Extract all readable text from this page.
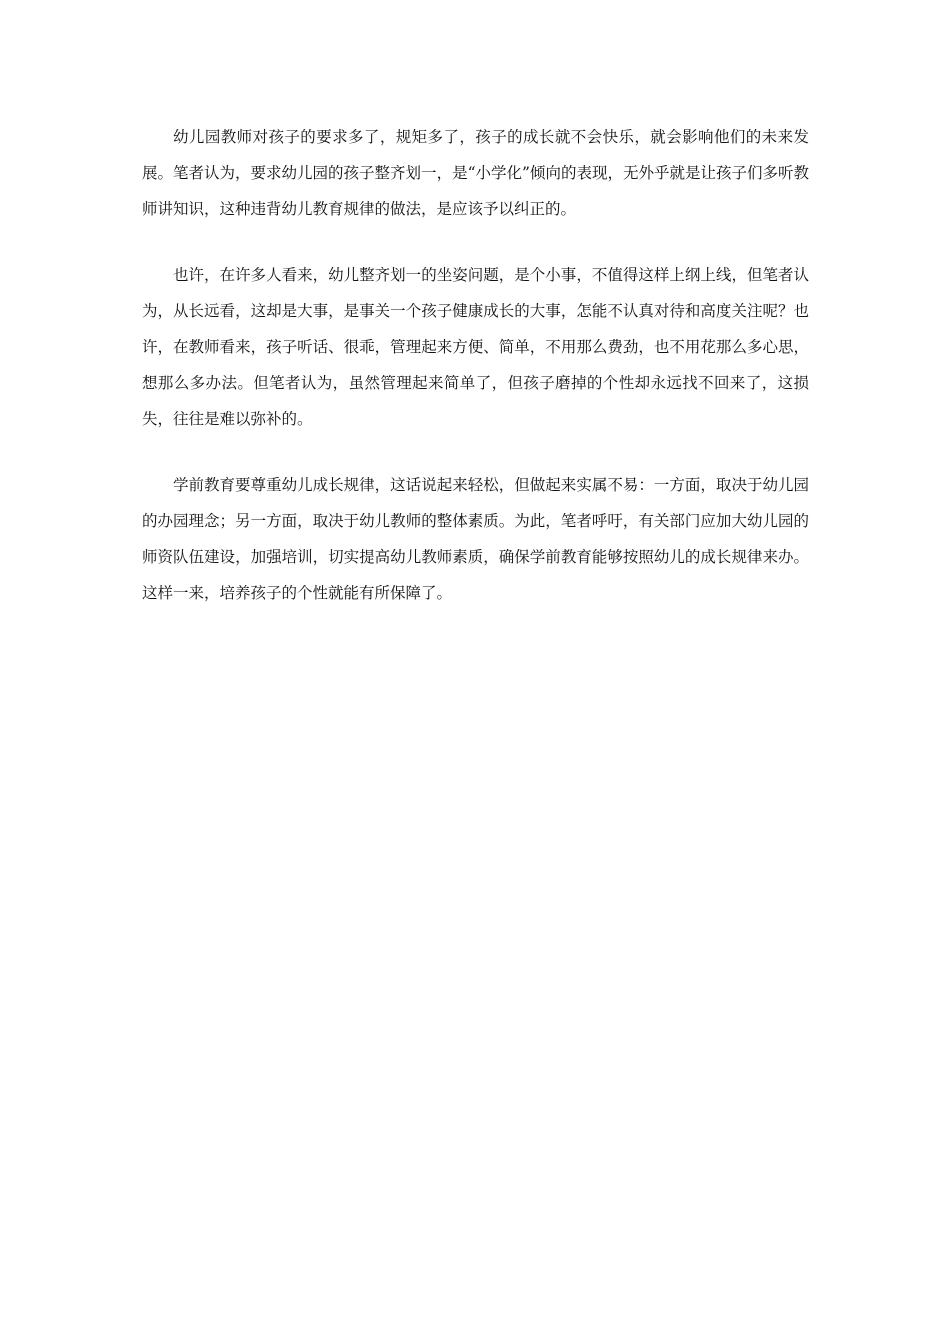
幼儿园教师对孩子的要求多了，规矩多了，孩子的成长就不会快乐，就会影响他们的未来发展。笔者认为，要求幼儿园的孩子整齐划一，是“小学化”倾向的表现，无外乎就是让孩子们多听教师讲知识，这种违背幼儿教育规律的做法，是应该予以纠正的。

也许，在许多人看来，幼儿整齐划一的坐姿问题，是个小事，不值得这样上纲上线，但笔者认为，从长远看，这却是大事，是事关一个孩子健康成长的大事，怎能不认真对待和高度关注呢？也许，在教师看来，孩子听话、很乖，管理起来方便、简单，不用那么费劲，也不用花那么多心思，想那么多办法。但笔者认为，虽然管理起来简单了，但孩子磨掉的个性却永远找不回来了，这损失，往往是难以弥补的。

学前教育要尊重幼儿成长规律，这话说起来轻松，但做起来实属不易：一方面，取决于幼儿园的办园理念；另一方面，取决于幼儿教师的整体素质。为此，笔者呼吁，有关部门应加大幼儿园的师资队伍建设，加强培训，切实提高幼儿教师素质，确保学前教育能够按照幼儿的成长规律来办。这样一来，培养孩子的个性就能有所保障了。
